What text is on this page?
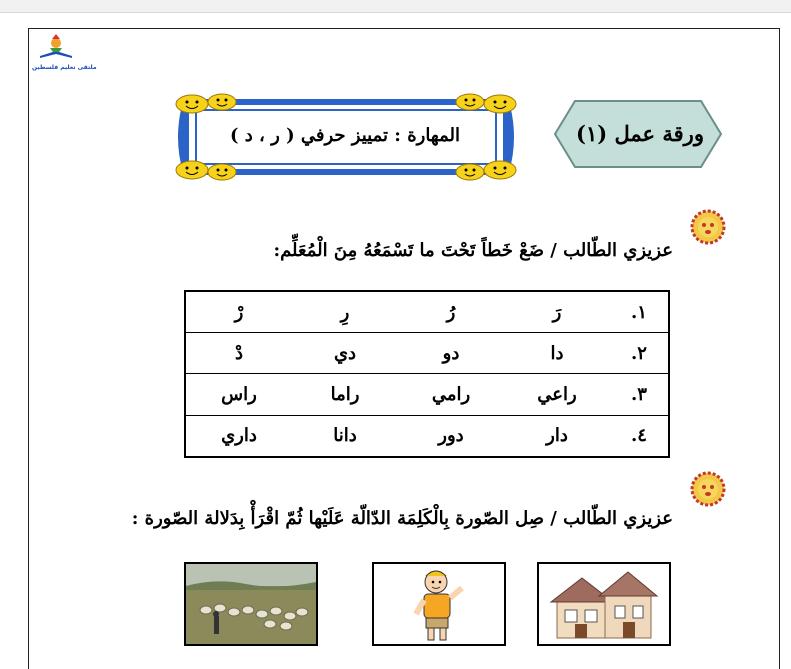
ملتقى تعليم فلسطين
المهارة : تمييز حرفي ( ر ، د )	ورقة عمل (١)
عزيزي الطّالب / ضَعْ خَطاً تَحْتَ ما تَسْمَعُهُ مِنَ الْمُعَلِّم:
١.
رَ
رُ
رِ
رْ

٢.
دا
دو
دي
دْ

٣.
راعي
رامي
راما
راس

٤.
دار
دور
دانا
داري
عزيزي الطّالب / صِل الصّورة بِالْكَلِمَة الدّالّة عَلَيْها ثُمّ اقْرَأْ بِدَلالة الصّورة :
